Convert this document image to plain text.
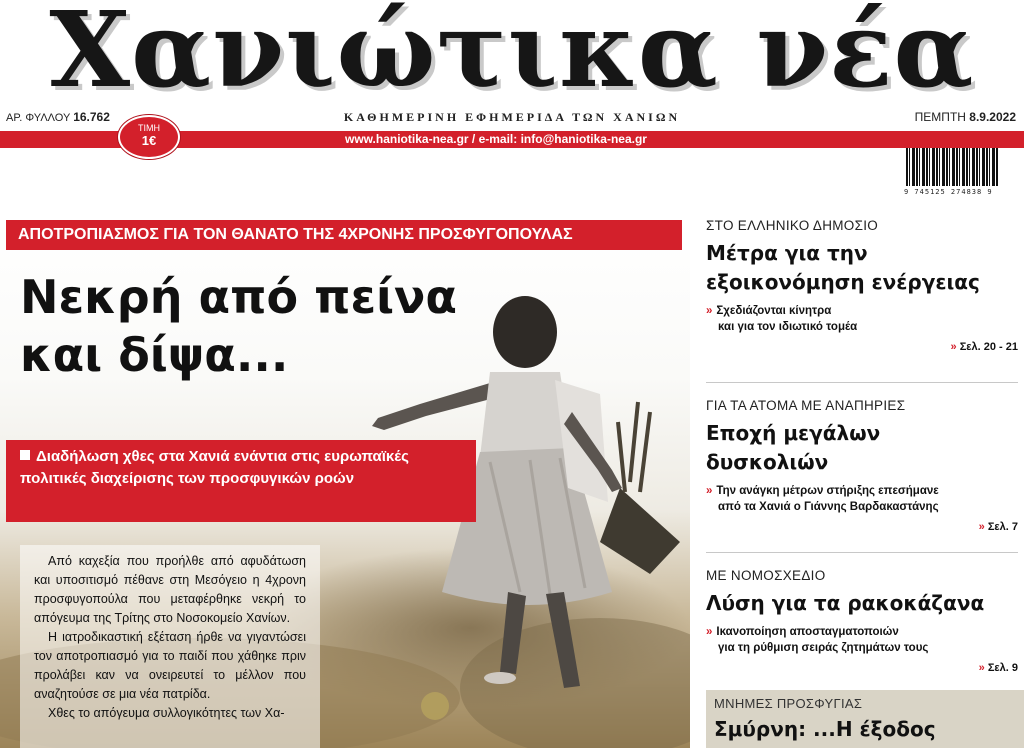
Χανιώτικα νέα
ΑΡ. ΦΥΛΛΟΥ 16.762	ΚΑΘΗΜΕΡΙΝΗ ΕΦΗΜΕΡΙΔΑ ΤΩΝ ΧΑΝΙΩΝ	ΠΕΜΠΤΗ 8.9.2022
www.haniotika-nea.gr / e-mail: info@haniotika-nea.gr
ΤΙΜΗ
1€
9 745125 274838 9
ΑΠΟΤΡΟΠΙΑΣΜΟΣ ΓΙΑ ΤΟΝ ΘΑΝΑΤΟ ΤΗΣ 4ΧΡΟΝΗΣ ΠΡΟΣΦΥΓΟΠΟΥΛΑΣ
Νεκρή από πείνα
και δίψα...
Διαδήλωση χθες στα Χανιά ενάντια στις ευρωπαϊκές πολιτικές διαχείρισης των προσφυγικών ροών

Από καχεξία που προήλθε από αφυδάτωση και υποσιτισμό πέθανε στη Μεσόγειο η 4χρονη προσφυγοπούλα που μεταφέρθηκε νεκρή το απόγευμα της Τρίτης στο Νοσοκομείο Χανίων.

Η ιατροδικαστική εξέταση ήρθε να γιγαντώσει τον αποτροπιασμό για το παιδί που χάθηκε πριν προλάβει καν να ονειρευτεί το μέλλον που αναζητούσε σε μια νέα πατρίδα.

Χθες το απόγευμα συλλογικότητες των Χα-

ΣΤΟ ΕΛΛΗΝΙΚΟ ΔΗΜΟΣΙΟ
Μέτρα για την
εξοικονόμηση ενέργειας
» Σχεδιάζονται κίνητρα
και για τον ιδιωτικό τομέα
» Σελ. 20 - 21
ΓΙΑ ΤΑ ΑΤΟΜΑ ΜΕ ΑΝΑΠΗΡΙΕΣ
Εποχή μεγάλων
δυσκολιών
» Την ανάγκη μέτρων στήριξης επεσήμανε
από τα Χανιά ο Γιάννης Βαρδακαστάνης
» Σελ. 7
ΜΕ ΝΟΜΟΣΧΕΔΙΟ
Λύση για τα ρακοκάζανα
» Ικανοποίηση αποσταγματοποιών
για τη ρύθμιση σειράς ζητημάτων τους
» Σελ. 9
ΜΝΗΜΕΣ ΠΡΟΣΦΥΓΙΑΣ
Σμύρνη: ...Η έξοδος
